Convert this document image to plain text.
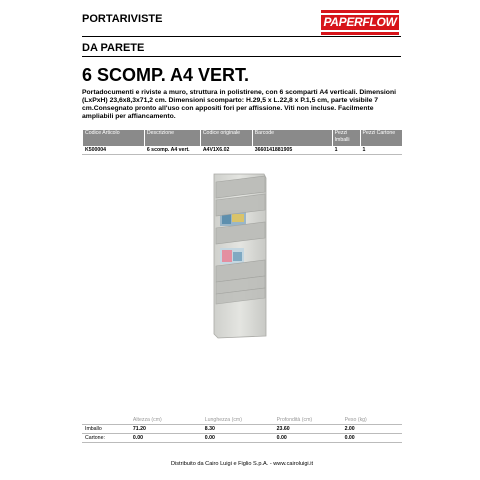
PORTARIVISTE
DA PARETE
PAPERFLOW
6 SCOMP. A4 VERT.
Portadocumenti e riviste a muro, struttura in polistirene, con 6 scomparti A4 verticali. Dimensioni (LxPxH) 23,6x8,3x71,2 cm. Dimensioni scomparto: H.29,5 x L.22,8 x P.1,5 cm, parte visibile 7 cm.Consegnato pronto all'uso con appositi fori per affissione. Viti non incluse. Facilmente ampliabili per affiancamento.
Codice Articolo	Descrizione	Codice originale	Barcode	Pezzi Imballi	Pezzi Cartone
K500004	6 scomp. A4 vert.	A4V1X6.02	3660141881905	1	1
	Altezza (cm)	Lunghezza (cm)	Profondità (cm)	Peso (kg)
Imballo	71.20	8.30	23.60	2.00
Cartone:	0.00	0.00	0.00	0.00
Distribuito da Cairo Luigi e Figlio S.p.A. - www.cairoluigi.it
